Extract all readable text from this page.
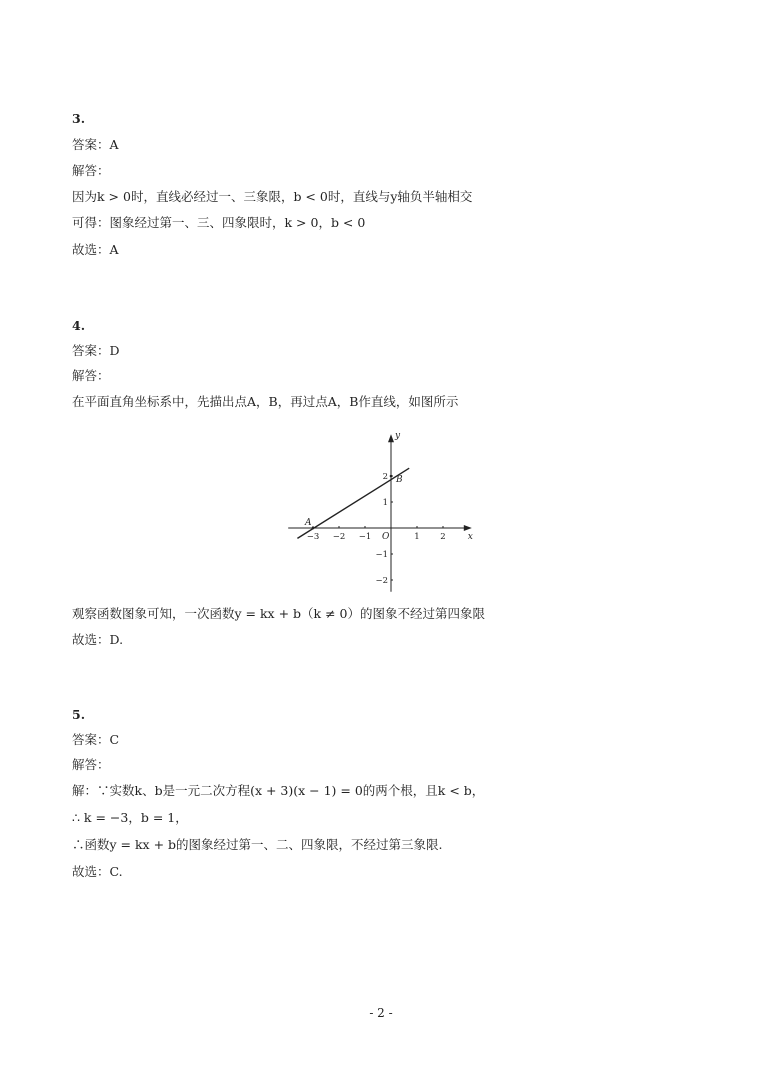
3.
答案：A
解答：
因为k > 0时，直线必经过一、三象限，b < 0时，直线与y轴负半轴相交
可得：图象经过第一、三、四象限时，k > 0，b < 0
故选：A
4.
答案：D
解答：
在平面直角坐标系中，先描出点A，B，再过点A，B作直线，如图所示
x
y
O
−3 −2 −1	1 2
2
1
−1
−2
A
B
观察函数图象可知，一次函数y = kx + b（k ≠ 0）的图象不经过第四象限
故选：D.
5.
答案：C
解答：
解：∵实数k、b是一元二次方程(x + 3)(x − 1) = 0的两个根，且k < b，
∴ k = −3，b = 1，
∴函数y = kx + b的图象经过第一、二、四象限，不经过第三象限.
故选：C.
- 2 -
